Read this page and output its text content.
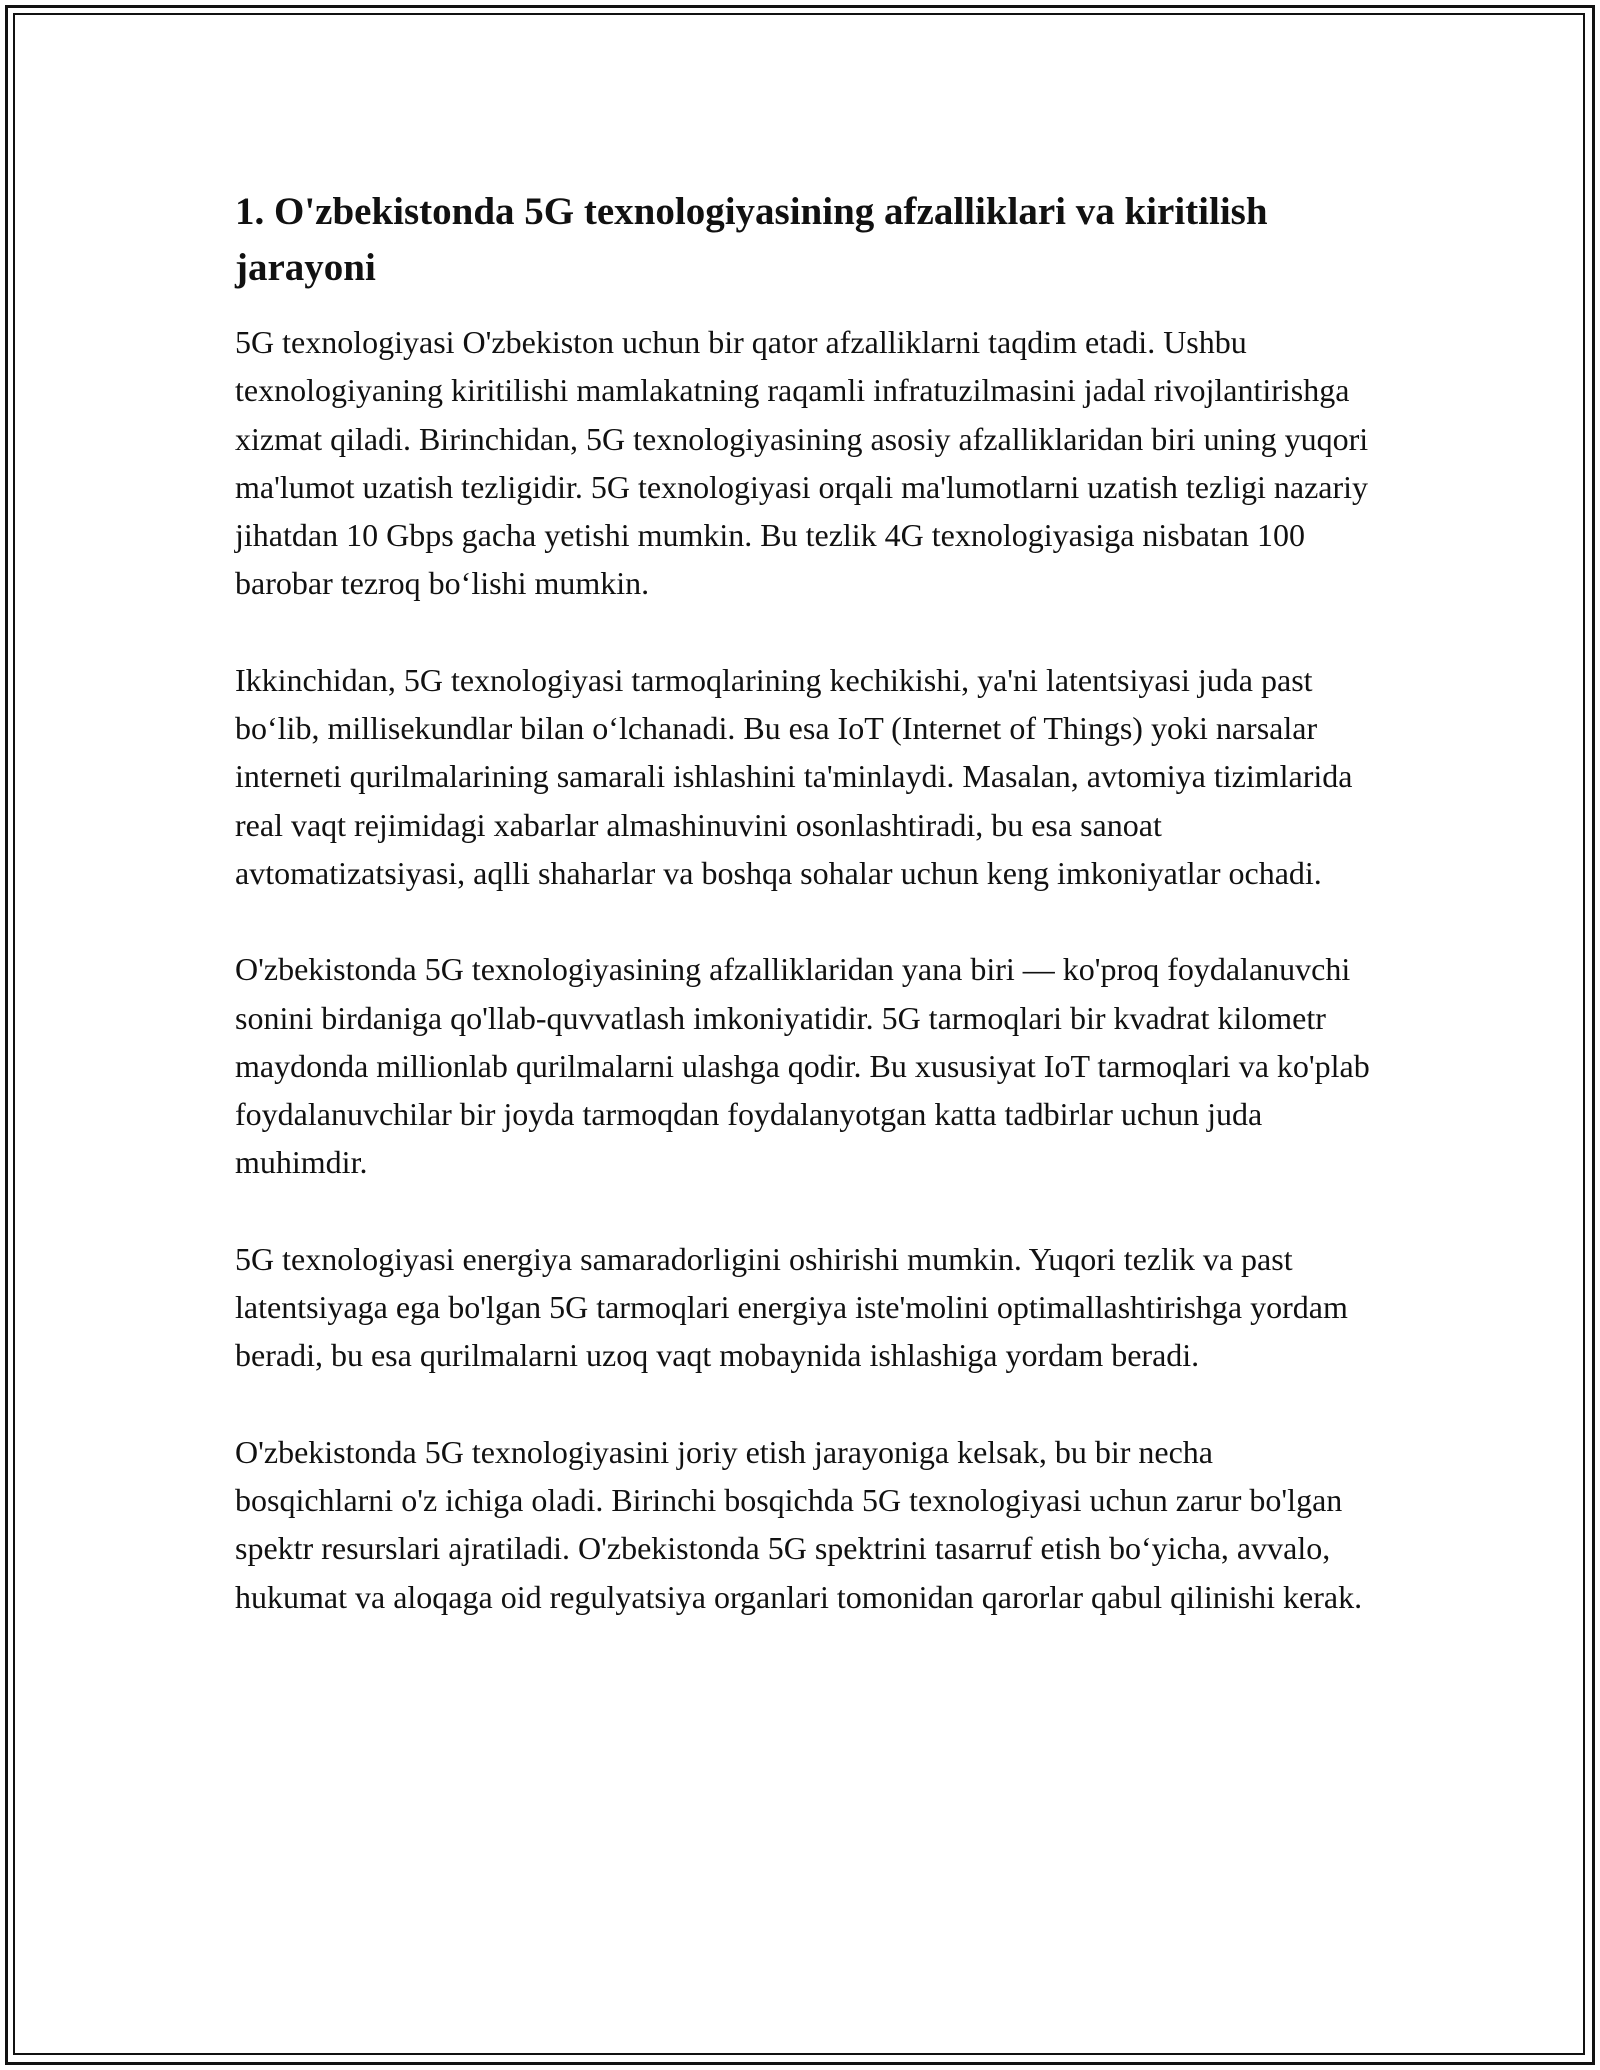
1. O'zbekistonda 5G texnologiyasining afzalliklari va kiritilish jarayoni

5G texnologiyasi O'zbekiston uchun bir qator afzalliklarni taqdim etadi. Ushbu texnologiyaning kiritilishi mamlakatning raqamli infratuzilmasini jadal rivojlantirishga xizmat qiladi. Birinchidan, 5G texnologiyasining asosiy afzalliklaridan biri uning yuqori ma'lumot uzatish tezligidir. 5G texnologiyasi orqali ma'lumotlarni uzatish tezligi nazariy jihatdan 10 Gbps gacha yetishi mumkin. Bu tezlik 4G texnologiyasiga nisbatan 100 barobar tezroq bo‘lishi mumkin.

Ikkinchidan, 5G texnologiyasi tarmoqlarining kechikishi, ya'ni latentsiyasi juda past bo‘lib, millisekundlar bilan o‘lchanadi. Bu esa IoT (Internet of Things) yoki narsalar interneti qurilmalarining samarali ishlashini ta'minlaydi. Masalan, avtomiya tizimlarida real vaqt rejimidagi xabarlar almashinuvini osonlashtiradi, bu esa sanoat avtomatizatsiyasi, aqlli shaharlar va boshqa sohalar uchun keng imkoniyatlar ochadi.

O'zbekistonda 5G texnologiyasining afzalliklaridan yana biri — ko'proq foydalanuvchi sonini birdaniga qo'llab-quvvatlash imkoniyatidir. 5G tarmoqlari bir kvadrat kilometr maydonda millionlab qurilmalarni ulashga qodir. Bu xususiyat IoT tarmoqlari va ko'plab foydalanuvchilar bir joyda tarmoqdan foydalanyotgan katta tadbirlar uchun juda muhimdir.

5G texnologiyasi energiya samaradorligini oshirishi mumkin. Yuqori tezlik va past latentsiyaga ega bo'lgan 5G tarmoqlari energiya iste'molini optimallashtirishga yordam beradi, bu esa qurilmalarni uzoq vaqt mobaynida ishlashiga yordam beradi.

O'zbekistonda 5G texnologiyasini joriy etish jarayoniga kelsak, bu bir necha bosqichlarni o'z ichiga oladi. Birinchi bosqichda 5G texnologiyasi uchun zarur bo'lgan spektr resurslari ajratiladi. O'zbekistonda 5G spektrini tasarruf etish bo‘yicha, avvalo, hukumat va aloqaga oid regulyatsiya organlari tomonidan qarorlar qabul qilinishi kerak.
